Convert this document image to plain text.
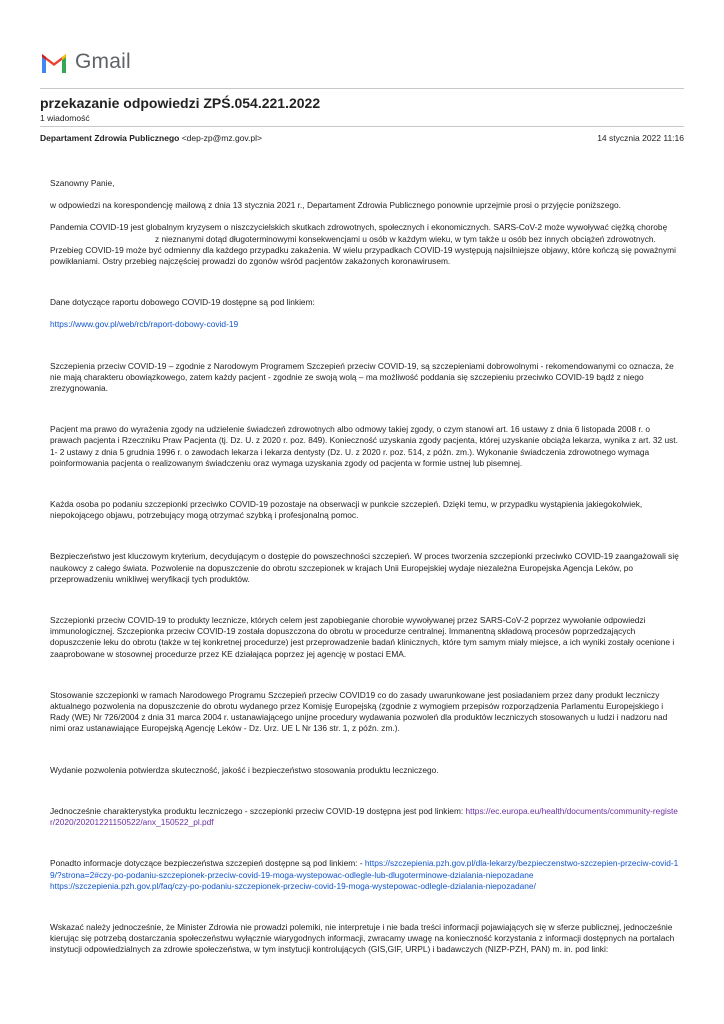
Gmail
przekazanie odpowiedzi ZPŚ.054.221.2022
1 wiadomość
Departament Zdrowia Publicznego <dep-zp@mz.gov.pl>	14 stycznia 2022 11:16

Szanowny Panie,

w odpowiedzi na korespondencję mailową z dnia 13 stycznia 2021 r., Departament Zdrowia Publicznego ponownie uprzejmie prosi o przyjęcie poniższego.

Pandemia COVID-19 jest globalnym kryzysem o niszczycielskich skutkach zdrowotnych, społecznych i ekonomicznych. SARS-CoV-2 może wywoływać ciężką chorobęz nieznanymi dotąd długoterminowymi konsekwencjami u osób w każdym wieku, w tym także u osób bez innych obciążeń zdrowotnych. Przebieg COVID-19 może być odmienny dla każdego przypadku zakażenia. W wielu przypadkach COVID-19 występują najsilniejsze objawy, które kończą się poważnymi powikłaniami. Ostry przebieg najczęściej prowadzi do zgonów wśród pacjentów zakażonych koronawirusem.

Dane dotyczące raportu dobowego COVID-19 dostępne są pod linkiem:

https://www.gov.pl/web/rcb/raport-dobowy-covid-19

Szczepienia przeciw COVID-19 – zgodnie z Narodowym Programem Szczepień przeciw COVID-19, są szczepieniami dobrowolnymi - rekomendowanymi co oznacza, że nie mają charakteru obowiązkowego, zatem każdy pacjent - zgodnie ze swoją wolą – ma możliwość poddania się szczepieniu przeciwko COVID-19 bądź z niego zrezygnowania.

Pacjent ma prawo do wyrażenia zgody na udzielenie świadczeń zdrowotnych albo odmowy takiej zgody, o czym stanowi art. 16 ustawy z dnia 6 listopada 2008 r. o prawach pacjenta i Rzeczniku Praw Pacjenta (tj. Dz. U. z 2020 r. poz. 849). Konieczność uzyskania zgody pacjenta, której uzyskanie obciąża lekarza, wynika z art. 32 ust. 1- 2 ustawy z dnia 5 grudnia 1996 r. o zawodach lekarza i lekarza dentysty (Dz. U. z 2020 r. poz. 514, z późn. zm.). Wykonanie świadczenia zdrowotnego wymaga poinformowania pacjenta o realizowanym świadczeniu oraz wymaga uzyskania zgody od pacjenta w formie ustnej lub pisemnej.

Każda osoba po podaniu szczepionki przeciwko COVID-19 pozostaje na obserwacji w punkcie szczepień. Dzięki temu, w przypadku wystąpienia jakiegokolwiek, niepokojącego objawu, potrzebujący mogą otrzymać szybką i profesjonalną pomoc.

Bezpieczeństwo jest kluczowym kryterium, decydującym o dostępie do powszechności szczepień. W proces tworzenia szczepionki przeciwko COVID-19 zaangażowali się naukowcy z całego świata. Pozwolenie na dopuszczenie do obrotu szczepionek w krajach Unii Europejskiej wydaje niezależna Europejska Agencja Leków, po przeprowadzeniu wnikliwej weryfikacji tych produktów.

Szczepionki przeciw COVID-19 to produkty lecznicze, których celem jest zapobieganie chorobie wywoływanej przez SARS-CoV-2 poprzez wywołanie odpowiedzi immunologicznej. Szczepionka przeciw COVID-19 została dopuszczona do obrotu w procedurze centralnej. Immanentną składową procesów poprzedzających dopuszczenie leku do obrotu (także w tej konkretnej procedurze) jest przeprowadzenie badań klinicznych, które tym samym miały miejsce, a ich wyniki zostały ocenione i zaaprobowane w stosownej procedurze przez KE działająca poprzez jej agencję w postaci EMA.

Stosowanie szczepionki w ramach Narodowego Programu Szczepień przeciw COVID19 co do zasady uwarunkowane jest posiadaniem przez dany produkt leczniczy aktualnego pozwolenia na dopuszczenie do obrotu wydanego przez Komisję Europejską (zgodnie z wymogiem przepisów rozporządzenia Parlamentu Europejskiego i Rady (WE) Nr 726/2004 z dnia 31 marca 2004 r. ustanawiającego unijne procedury wydawania pozwoleń dla produktów leczniczych stosowanych u ludzi i nadzoru nad nimi oraz ustanawiające Europejską Agencję Leków - Dz. Urz. UE L Nr 136 str. 1, z późn. zm.).

Wydanie pozwolenia potwierdza skuteczność, jakość i bezpieczeństwo stosowania produktu leczniczego.

Jednocześnie charakterystyka produktu leczniczego - szczepionki przeciw COVID-19 dostępna jest pod linkiem: https://ec.europa.eu/health/documents/community-register/2020/20201221150522/anx_150522_pl.pdf

Ponadto informacje dotyczące bezpieczeństwa szczepień dostępne są pod linkiem: - https://szczepienia.pzh.gov.pl/dla-lekarzy/bezpieczenstwo-szczepien-przeciw-covid-19/?strona=2#czy-po-podaniu-szczepionek-przeciw-covid-19-moga-wystepowac-odlegle-lub-dlugoterminowe-dzialania-niepozadane
https://szczepienia.pzh.gov.pl/faq/czy-po-podaniu-szczepionek-przeciw-covid-19-moga-wystepowac-odlegle-dzialania-niepozadane/

Wskazać należy jednocześnie, że Minister Zdrowia nie prowadzi polemiki, nie interpretuje i nie bada treści informacji pojawiających się w sferze publicznej, jednocześnie kierując się potrzebą dostarczania społeczeństwu wyłącznie wiarygodnych informacji, zwracamy uwagę na konieczność korzystania z informacji dostępnych na portalach instytucji odpowiedzialnych za zdrowie społeczeństwa, w tym instytucji kontrolujących (GIS,GIF, URPL) i badawczych (NIZP-PZH, PAN) m. in. pod linki:
